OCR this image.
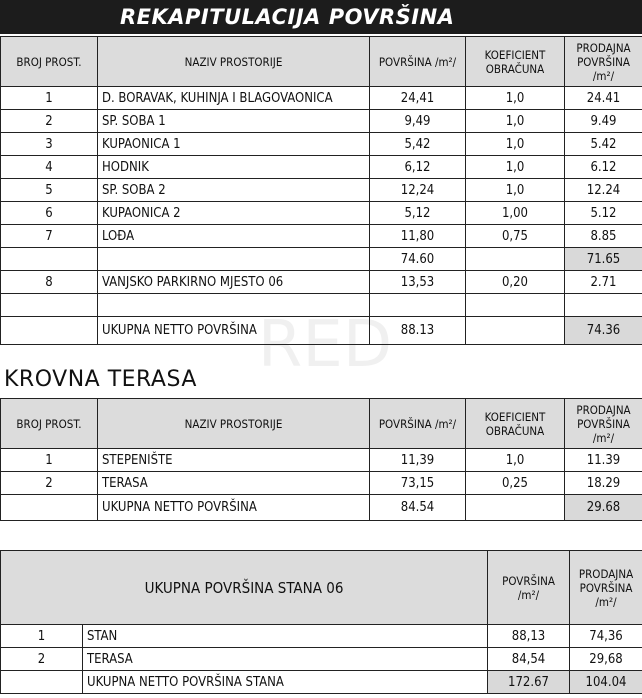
REKAPITULACIJA POVRŠINA
RED
BROJ PROST.	NAZIV PROSTORIJE	POVRŠINA /m²/	KOEFICIENT OBRAČUNA	PRODAJNA POVRŠINA /m²/
1	D. BORAVAK, KUHINJA I BLAGOVAONICA	24,41	1,0	24.41
2	SP. SOBA 1	9,49	1,0	9.49
3	KUPAONICA 1	5,42	1,0	5.42
4	HODNIK	6,12	1,0	6.12
5	SP. SOBA 2	12,24	1,0	12.24
6	KUPAONICA 2	5,12	1,00	5.12
7	LOĐA	11,80	0,75	8.85
		74.60		71.65
8	VANJSKO PARKIRNO MJESTO 06	13,53	0,20	2.71

	UKUPNA NETTO POVRŠINA	88.13		74.36
KROVNA TERASA
BROJ PROST.	NAZIV PROSTORIJE	POVRŠINA /m²/	KOEFICIENT OBRAČUNA	PRODAJNA POVRŠINA /m²/
1	STEPENIŠTE	11,39	1,0	11.39
2	TERASA	73,15	0,25	18.29
	UKUPNA NETTO POVRŠINA	84.54		29.68
UKUPNA POVRŠINA STANA 06		POVRŠINA /m²/	PRODAJNA POVRŠINA /m²/
1	STAN	88,13	74,36
2	TERASA	84,54	29,68
	UKUPNA NETTO POVRŠINA STANA	172.67	104.04
